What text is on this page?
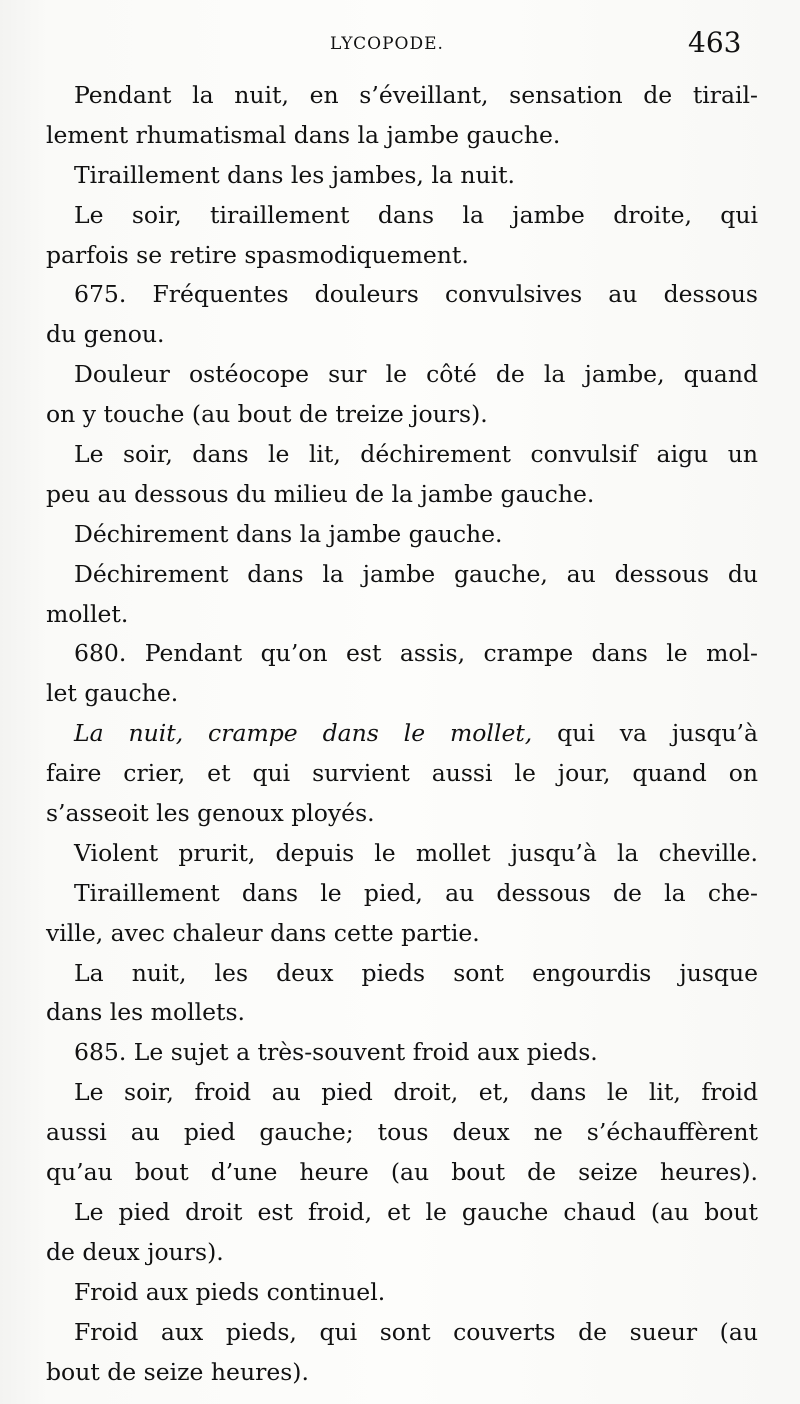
LYCOPODE.	463
Pendant la nuit, en s’éveillant, sensation de tirail-
lement rhumatismal dans la jambe gauche.
Tiraillement dans les jambes, la nuit.
Le soir, tiraillement dans la jambe droite, qui
parfois se retire spasmodiquement.
675. Fréquentes douleurs convulsives au dessous
du genou.
Douleur ostéocope sur le côté de la jambe, quand
on y touche (au bout de treize jours).
Le soir, dans le lit, déchirement convulsif aigu un
peu au dessous du milieu de la jambe gauche.
Déchirement dans la jambe gauche.
Déchirement dans la jambe gauche, au dessous du
mollet.
680. Pendant qu’on est assis, crampe dans le mol-
let gauche.
La nuit, crampe dans le mollet, qui va jusqu’à
faire crier, et qui survient aussi le jour, quand on
s’asseoit les genoux ployés.
Violent prurit, depuis le mollet jusqu’à la cheville.
Tiraillement dans le pied, au dessous de la che-
ville, avec chaleur dans cette partie.
La nuit, les deux pieds sont engourdis jusque
dans les mollets.
685. Le sujet a très-souvent froid aux pieds.
Le soir, froid au pied droit, et, dans le lit, froid
aussi au pied gauche; tous deux ne s’échauffèrent
qu’au bout d’une heure (au bout de seize heures).
Le pied droit est froid, et le gauche chaud (au bout
de deux jours).
Froid aux pieds continuel.
Froid aux pieds, qui sont couverts de sueur (au
bout de seize heures).
